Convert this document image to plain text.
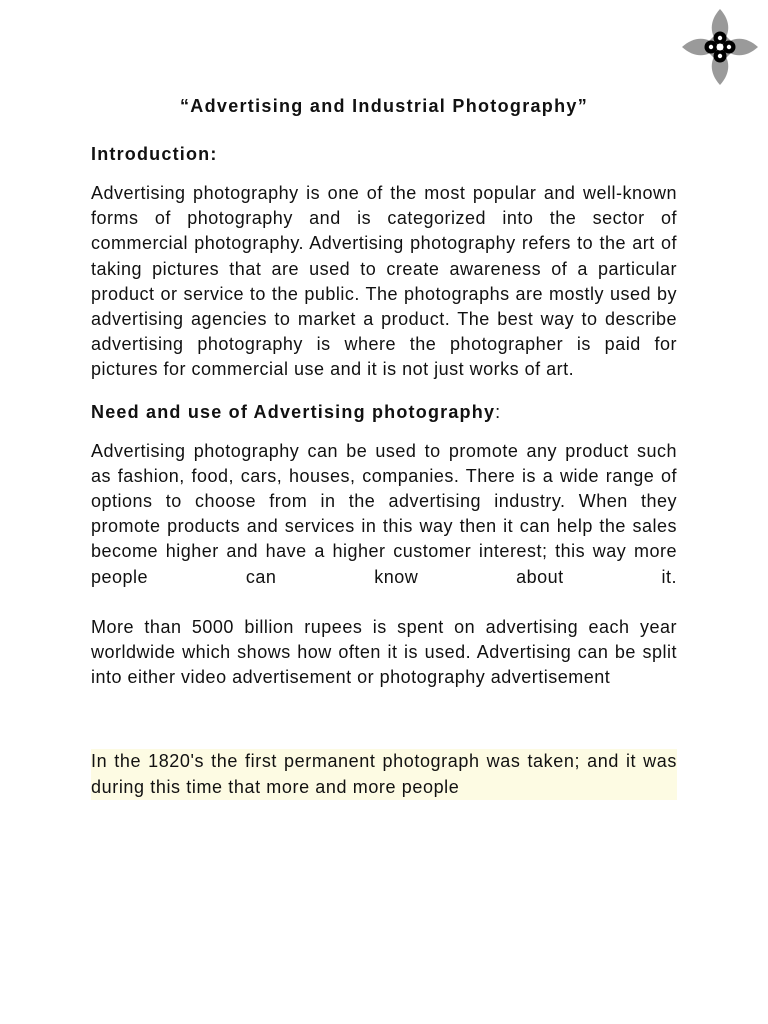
“Advertising and Industrial Photography”
Introduction:

Advertising photography is one of the most popular and well-known forms of photography and is categorized into the sector of commercial photography. Advertising photography refers to the art of taking pictures that are used to create awareness of a particular product or service to the public. The photographs are mostly used by advertising agencies to market a product. The best way to describe advertising photography is where the photographer is paid for pictures for commercial use and it is not just works of art.

Need and use of Advertising photography:

Advertising photography can be used to promote any product such as fashion, food, cars, houses, companies. There is a wide range of options to choose from in the advertising industry. When they promote products and services in this way then it can help the sales become higher and have a higher customer interest; this way more people can know about it.

More than 5000 billion rupees is spent on advertising each year worldwide which shows how often it is used. Advertising can be split into either video advertisement or photography advertisement

In the 1820's the first permanent photograph was taken; and it was during this time that more and more people
